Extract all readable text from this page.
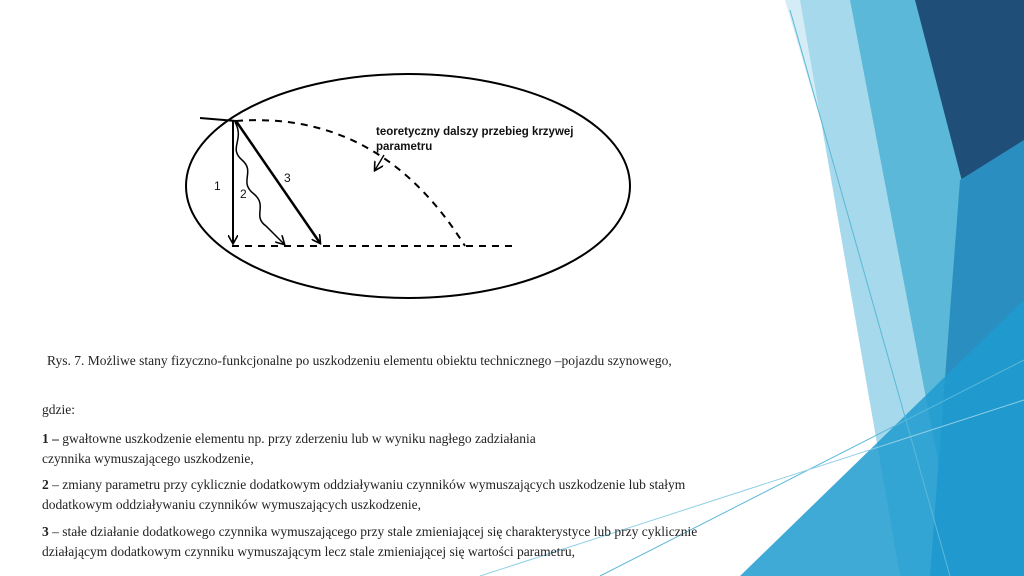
1
2
3
teoretyczny dalszy przebieg krzywej
parametru
Rys. 7. Możliwe stany fizyczno-funkcjonalne po uszkodzeniu elementu obiektu technicznego –pojazdu szynowego,
gdzie:
1 – gwałtowne uszkodzenie elementu np. przy zderzeniu lub w wyniku nagłego zadziałania
czynnika wymuszającego uszkodzenie,
2 – zmiany parametru przy cyklicznie dodatkowym oddziaływaniu czynników wymuszających uszkodzenie lub stałym
dodatkowym oddziaływaniu czynników wymuszających uszkodzenie,
3 – stałe działanie dodatkowego czynnika wymuszającego przy stale zmieniającej się charakterystyce lub przy cyklicznie
działającym dodatkowym czynniku wymuszającym lecz stale zmieniającej się wartości parametru,
